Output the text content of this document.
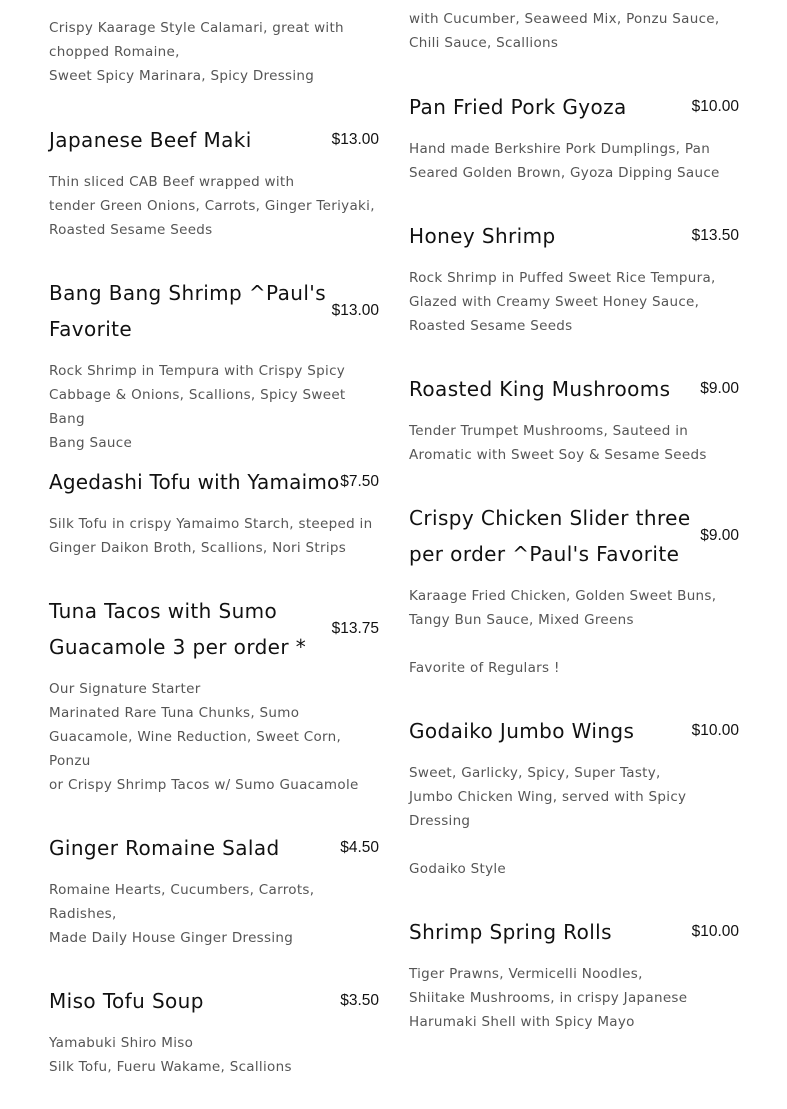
Crispy Kaarage Style Calamari, great with
chopped Romaine,
Sweet Spicy Marinara, Spicy Dressing
Japanese Beef Maki	$13.00
Thin sliced CAB Beef wrapped with
tender Green Onions, Carrots, Ginger Teriyaki,
Roasted Sesame Seeds
Bang Bang Shrimp ^Paul's
Favorite
$13.00
Rock Shrimp in Tempura with Crispy Spicy
Cabbage & Onions, Scallions, Spicy Sweet Bang
Bang Sauce
Agedashi Tofu with Yamaimo $7.50
Silk Tofu in crispy Yamaimo Starch, steeped in
Ginger Daikon Broth, Scallions, Nori Strips
Tuna Tacos with Sumo
Guacamole 3 per order *
$13.75
Our Signature Starter
Marinated Rare Tuna Chunks, Sumo
Guacamole, Wine Reduction, Sweet Corn,
Ponzu
or Crispy Shrimp Tacos w/ Sumo Guacamole
Ginger Romaine Salad	$4.50
Romaine Hearts, Cucumbers, Carrots,
Radishes,
Made Daily House Ginger Dressing
Miso Tofu Soup	$3.50
Yamabuki Shiro Miso
Silk Tofu, Fueru Wakame, Scallions
with Cucumber, Seaweed Mix, Ponzu Sauce,
Chili Sauce, Scallions
Pan Fried Pork Gyoza	$10.00
Hand made Berkshire Pork Dumplings, Pan
Seared Golden Brown, Gyoza Dipping Sauce
Honey Shrimp	$13.50
Rock Shrimp in Puffed Sweet Rice Tempura,
Glazed with Creamy Sweet Honey Sauce,
Roasted Sesame Seeds
Roasted King Mushrooms $9.00
Tender Trumpet Mushrooms, Sauteed in
Aromatic with Sweet Soy & Sesame Seeds
Crispy Chicken Slider three
per order ^Paul's Favorite
$9.00
Karaage Fried Chicken, Golden Sweet Buns,
Tangy Bun Sauce, Mixed Greens
Favorite of Regulars !
Godaiko Jumbo Wings	$10.00
Sweet, Garlicky, Spicy, Super Tasty,
Jumbo Chicken Wing, served with Spicy
Dressing
Godaiko Style
Shrimp Spring Rolls	$10.00
Tiger Prawns, Vermicelli Noodles,
Shiitake Mushrooms, in crispy Japanese
Harumaki Shell with Spicy Mayo
